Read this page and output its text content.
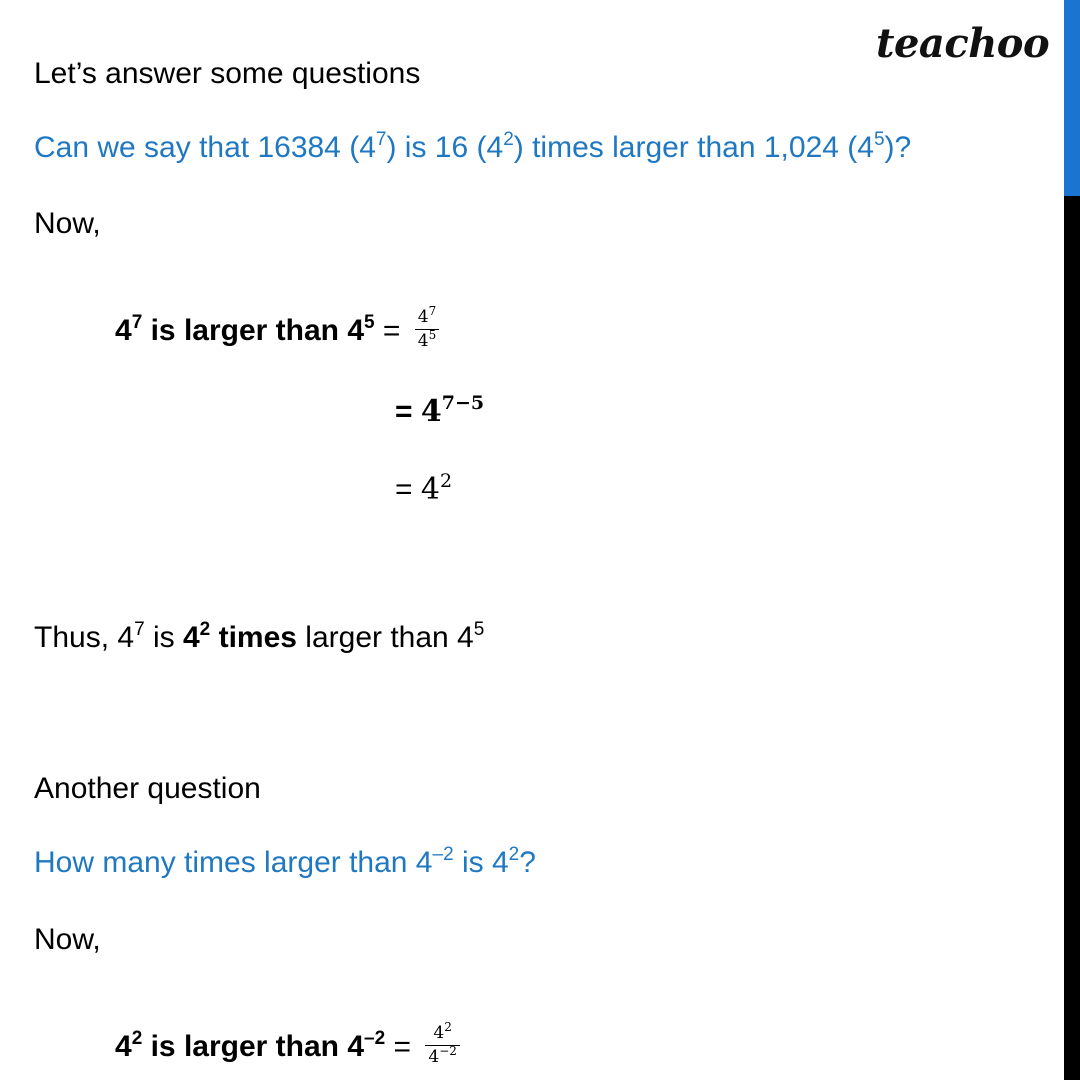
teachoo
Let’s answer some questions
Can we say that 16384 $(4^7)$ is 16 $(4^2)$ times larger than 1,024 $(4^5)$?
Now,
$4^7$ is larger than $4^5 = \frac{4^7}{4^5}$
= $4^{7-5}$
= $4^2$
Thus, $4^7$ is $4^2$ times larger than $4^5$
Another question
How many times larger than $4^{-2}$ is $4^2$?
Now,
$4^2$ is larger than $4^{-2} = \frac{4^2}{4^{-2}}$
